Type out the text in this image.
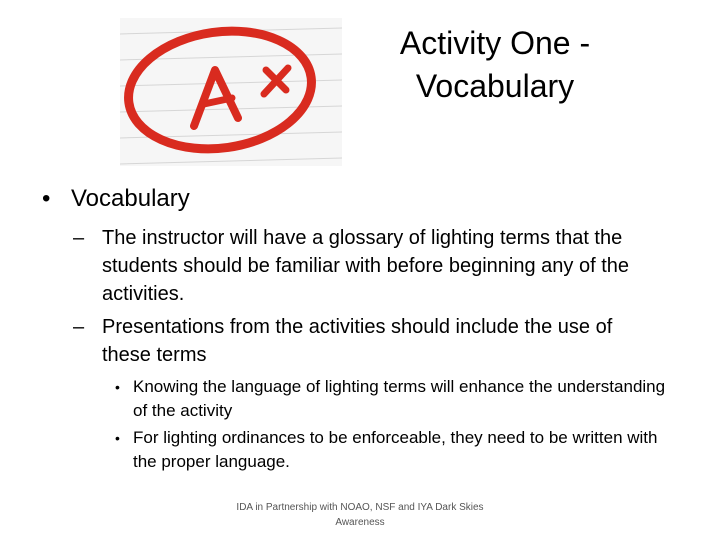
Activity One - Vocabulary
• Vocabulary
– The instructor will have a glossary of lighting terms that the students should be familiar with before beginning any of the activities.
– Presentations from the activities should include the use of these terms
• Knowing the language of lighting terms will enhance the understanding of the activity
• For lighting ordinances to be enforceable, they need to be written with the proper language.
IDA in Partnership with NOAO, NSF and IYA Dark Skies Awareness
